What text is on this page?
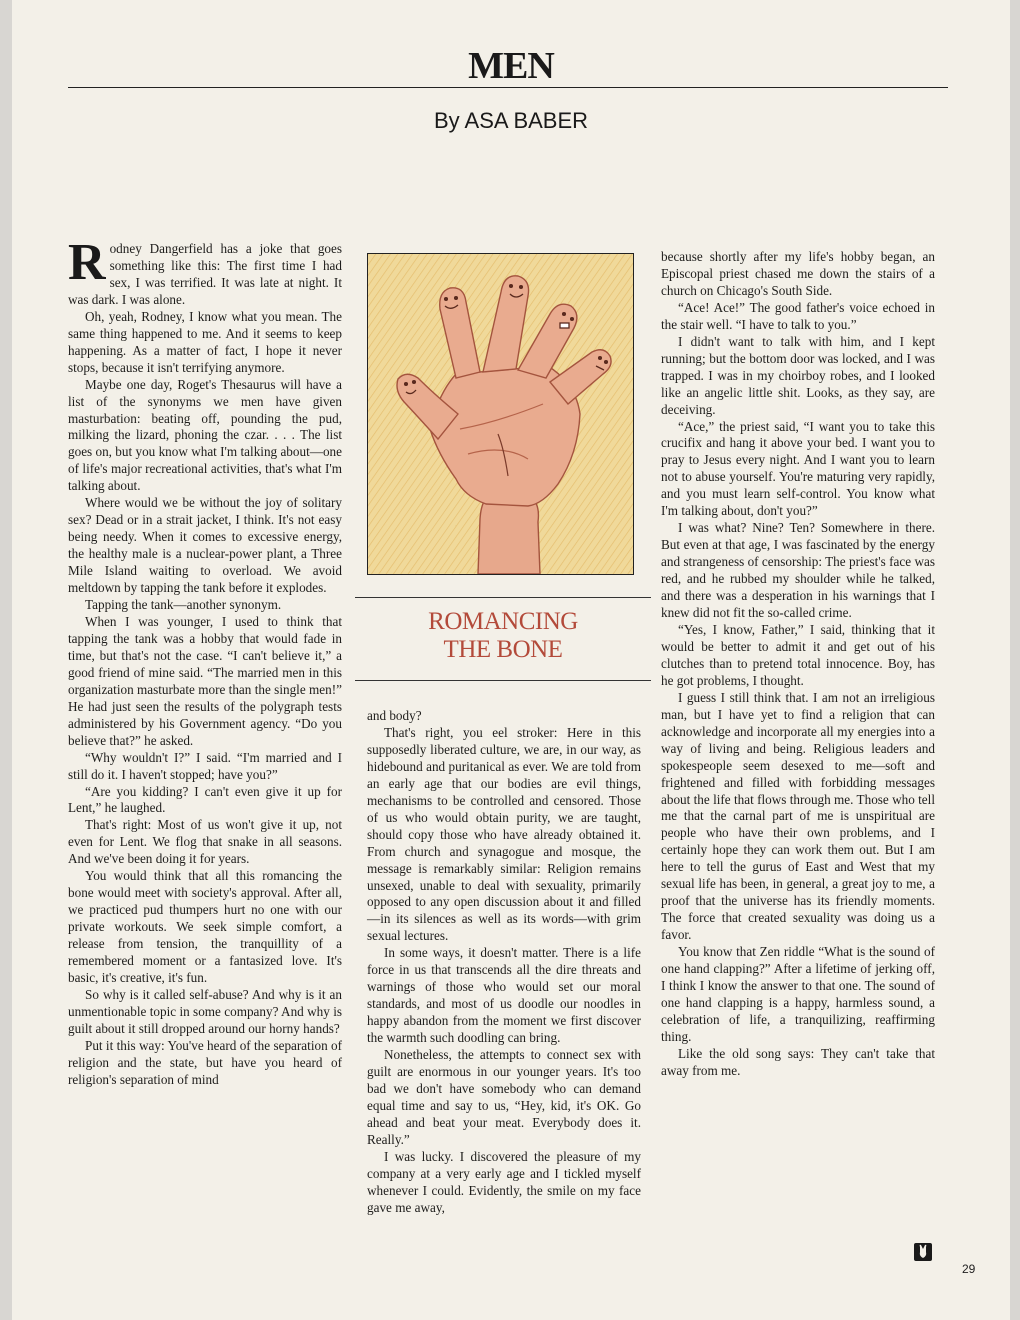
MEN
By ASA BABER

Rodney Dangerfield has a joke that goes something like this: The first time I had sex, I was terrified. It was late at night. It was dark. I was alone.

Oh, yeah, Rodney, I know what you mean. The same thing happened to me. And it seems to keep happening. As a matter of fact, I hope it never stops, because it isn't terrifying anymore.

Maybe one day, Roget's Thesaurus will have a list of the synonyms we men have given masturbation: beating off, pounding the pud, milking the lizard, phoning the czar. . . . The list goes on, but you know what I'm talking about—one of life's major recreational activities, that's what I'm talking about.

Where would we be without the joy of solitary sex? Dead or in a strait jacket, I think. It's not easy being needy. When it comes to excessive energy, the healthy male is a nuclear-power plant, a Three Mile Island waiting to overload. We avoid meltdown by tapping the tank before it explodes.

Tapping the tank—another synonym.

When I was younger, I used to think that tapping the tank was a hobby that would fade in time, but that's not the case. “I can't believe it,” a good friend of mine said. “The married men in this organization masturbate more than the single men!” He had just seen the results of the polygraph tests administered by his Government agency. “Do you believe that?” he asked.

“Why wouldn't I?” I said. “I'm married and I still do it. I haven't stopped; have you?”

“Are you kidding? I can't even give it up for Lent,” he laughed.

That's right: Most of us won't give it up, not even for Lent. We flog that snake in all seasons. And we've been doing it for years.

You would think that all this romancing the bone would meet with society's approval. After all, we practiced pud thumpers hurt no one with our private workouts. We seek simple comfort, a release from tension, the tranquillity of a remembered moment or a fantasized love. It's basic, it's creative, it's fun.

So why is it called self-abuse? And why is it an unmentionable topic in some company? And why is guilt about it still dropped around our horny hands?

Put it this way: You've heard of the separation of religion and the state, but have you heard of religion's separation of mind

ROMANCING
THE BONE

and body?

That's right, you eel stroker: Here in this supposedly liberated culture, we are, in our way, as hidebound and puritanical as ever. We are told from an early age that our bodies are evil things, mechanisms to be controlled and censored. Those of us who would obtain purity, we are taught, should copy those who have already obtained it. From church and synagogue and mosque, the message is remarkably similar: Religion remains unsexed, unable to deal with sexuality, primarily opposed to any open discussion about it and filled—in its silences as well as its words—with grim sexual lectures.

In some ways, it doesn't matter. There is a life force in us that transcends all the dire threats and warnings of those who would set our moral standards, and most of us doodle our noodles in happy abandon from the moment we first discover the warmth such doodling can bring.

Nonetheless, the attempts to connect sex with guilt are enormous in our younger years. It's too bad we don't have somebody who can demand equal time and say to us, “Hey, kid, it's OK. Go ahead and beat your meat. Everybody does it. Really.”

I was lucky. I discovered the pleasure of my company at a very early age and I tickled myself whenever I could. Evidently, the smile on my face gave me away,

because shortly after my life's hobby began, an Episcopal priest chased me down the stairs of a church on Chicago's South Side.

“Ace! Ace!” The good father's voice echoed in the stair well. “I have to talk to you.”

I didn't want to talk with him, and I kept running; but the bottom door was locked, and I was trapped. I was in my choirboy robes, and I looked like an angelic little shit. Looks, as they say, are deceiving.

“Ace,” the priest said, “I want you to take this crucifix and hang it above your bed. I want you to pray to Jesus every night. And I want you to learn not to abuse yourself. You're maturing very rapidly, and you must learn self-control. You know what I'm talking about, don't you?”

I was what? Nine? Ten? Somewhere in there. But even at that age, I was fascinated by the energy and strangeness of censorship: The priest's face was red, and he rubbed my shoulder while he talked, and there was a desperation in his warnings that I knew did not fit the so-called crime.

“Yes, I know, Father,” I said, thinking that it would be better to admit it and get out of his clutches than to pretend total innocence. Boy, has he got problems, I thought.

I guess I still think that. I am not an irreligious man, but I have yet to find a religion that can acknowledge and incorporate all my energies into a way of living and being. Religious leaders and spokespeople seem desexed to me—soft and frightened and filled with forbidding messages about the life that flows through me. Those who tell me that the carnal part of me is unspiritual are people who have their own problems, and I certainly hope they can work them out. But I am here to tell the gurus of East and West that my sexual life has been, in general, a great joy to me, a proof that the universe has its friendly moments. The force that created sexuality was doing us a favor.

You know that Zen riddle “What is the sound of one hand clapping?” After a lifetime of jerking off, I think I know the answer to that one. The sound of one hand clapping is a happy, harmless sound, a celebration of life, a tranquilizing, reaffirming thing.

Like the old song says: They can't take that away from me.

29
